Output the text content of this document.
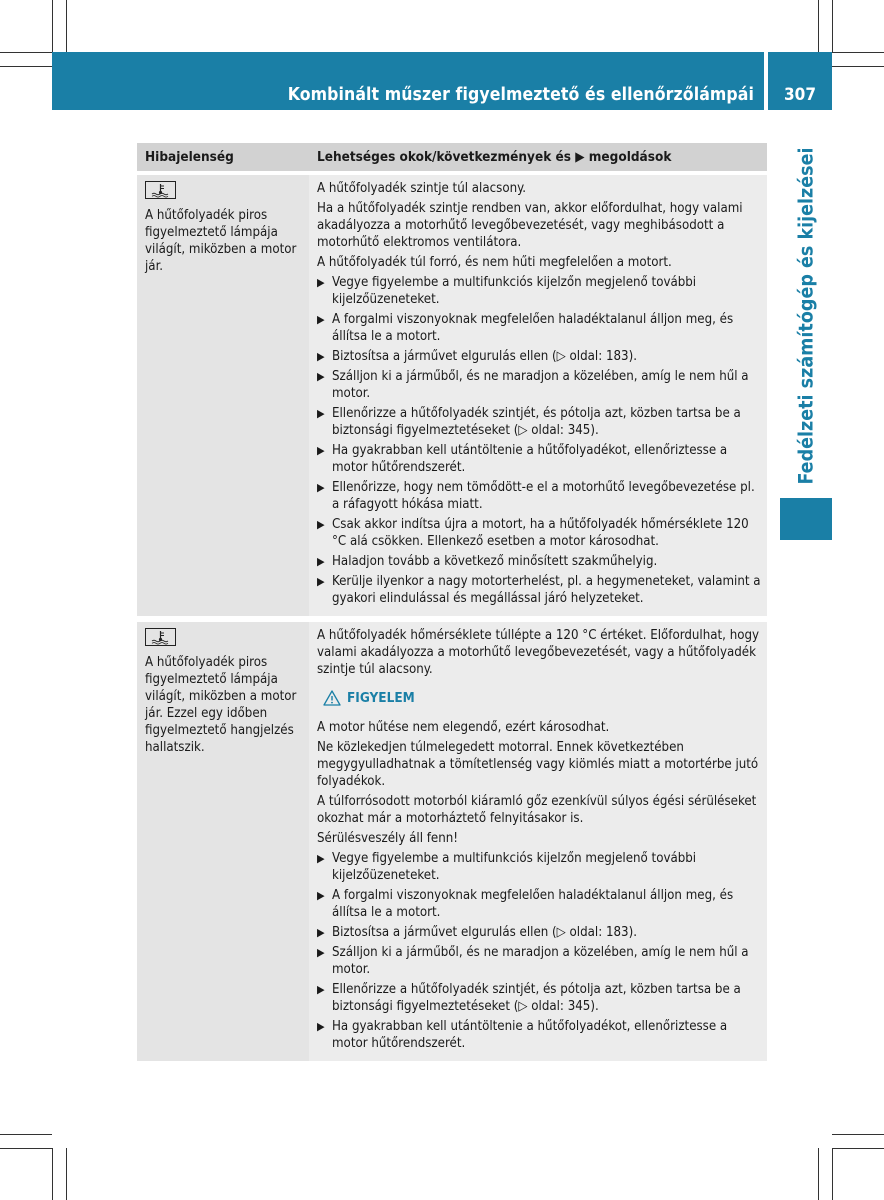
Kombinált műszer figyelmeztető és ellenőrzőlámpái	307
Fedélzeti számítógép és kijelzései
Hibajelenség	Lehetséges okok/következmények és ▶ megoldások

A hűtőfolyadék piros figyelmeztető lámpája világít, miközben a motor jár.

A hűtőfolyadék szintje túl alacsony.

Ha a hűtőfolyadék szintje rendben van, akkor előfordulhat, hogy valami akadályozza a motorhűtő levegőbevezetését, vagy meghibásodott a motorhűtő elektromos ventilátora.

A hűtőfolyadék túl forró, és nem hűti megfelelően a motort.

▶ Vegye figyelembe a multifunkciós kijelzőn megjelenő további kijelzőüzeneteket.
▶ A forgalmi viszonyoknak megfelelően haladéktalanul álljon meg, és állítsa le a motort.
▶ Biztosítsa a járművet elgurulás ellen (▷ oldal: 183).
▶ Szálljon ki a járműből, és ne maradjon a közelében, amíg le nem hűl a motor.
▶ Ellenőrizze a hűtőfolyadék szintjét, és pótolja azt, közben tartsa be a biztonsági figyelmeztetéseket (▷ oldal: 345).
▶ Ha gyakrabban kell utántöltenie a hűtőfolyadékot, ellenőriztesse a motor hűtőrendszerét.
▶ Ellenőrizze, hogy nem tömődött-e el a motorhűtő levegőbevezetése pl. a ráfagyott hókása miatt.
▶ Csak akkor indítsa újra a motort, ha a hűtőfolyadék hőmérséklete 120 °C alá csökken. Ellenkező esetben a motor károsodhat.
▶ Haladjon tovább a következő minősített szakműhelyig.
▶ Kerülje ilyenkor a nagy motorterhelést, pl. a hegymeneteket, valamint a gyakori elindulással és megállással járó helyzeteket.

A hűtőfolyadék piros figyelmeztető lámpája világít, miközben a motor jár. Ezzel egy időben figyelmeztető hangjelzés hallatszik.

A hűtőfolyadék hőmérséklete túllépte a 120 °C értéket. Előfordulhat, hogy valami akadályozza a motorhűtő levegőbevezetését, vagy a hűtőfolyadék szintje túl alacsony.

FIGYELEM

A motor hűtése nem elegendő, ezért károsodhat.

Ne közlekedjen túlmelegedett motorral. Ennek következtében megygyulladhatnak a tömítetlenség vagy kiömlés miatt a motortérbe jutó folyadékok.

A túlforrósodott motorból kiáramló gőz ezenkívül súlyos égési sérüléseket okozhat már a motorháztető felnyitásakor is.

Sérülésveszély áll fenn!

▶ Vegye figyelembe a multifunkciós kijelzőn megjelenő további kijelzőüzeneteket.
▶ A forgalmi viszonyoknak megfelelően haladéktalanul álljon meg, és állítsa le a motort.
▶ Biztosítsa a járművet elgurulás ellen (▷ oldal: 183).
▶ Szálljon ki a járműből, és ne maradjon a közelében, amíg le nem hűl a motor.
▶ Ellenőrizze a hűtőfolyadék szintjét, és pótolja azt, közben tartsa be a biztonsági figyelmeztetéseket (▷ oldal: 345).
▶ Ha gyakrabban kell utántöltenie a hűtőfolyadékot, ellenőriztesse a motor hűtőrendszerét.
